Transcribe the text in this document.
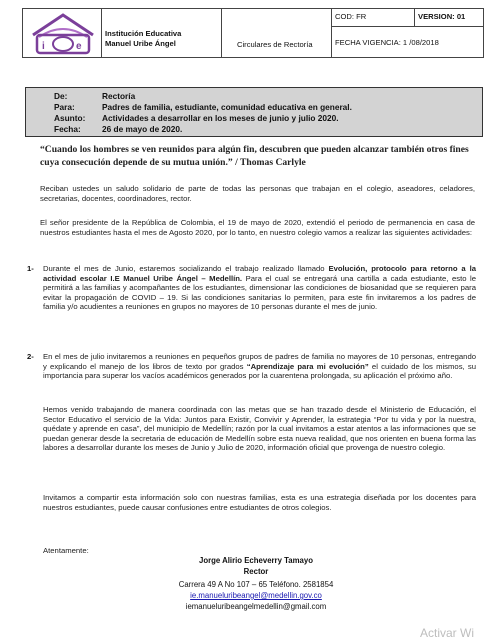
i	e
Institución Educativa
Manuel Uribe Ángel	Circulares de Rectoría
COD: FR	VERSION: 01
FECHA VIGENCIA: 1 /08/2018
De:	Rectoría
Para:	Padres de familia, estudiante, comunidad educativa en general.
Asunto: Actividades a desarrollar en los meses de junio y julio 2020.
Fecha:	26 de mayo de 2020.
“Cuando los hombres se ven reunidos para algún fin, descubren que pueden alcanzar también otros fines cuya consecución depende de su mutua unión.” / Thomas Carlyle
Reciban ustedes un saludo solidario de parte de todas las personas que trabajan en el colegio, aseadores, celadores, secretarias, docentes, coordinadores, rector.
El señor presidente de la República de Colombia, el 19 de mayo de 2020, extendió el periodo de permanencia en casa de nuestros estudiantes hasta el mes de Agosto 2020, por lo tanto, en nuestro colegio vamos a realizar las siguientes actividades:
1- Durante el mes de Junio, estaremos socializando el trabajo realizado llamado Evolución, protocolo para retorno a la actividad escolar I.E Manuel Uribe Ángel – Medellín. Para el cual se entregará una cartilla a cada estudiante, esto le permitirá a las familias y acompañantes de los estudiantes, dimensionar las condiciones de biosanidad que se requieren para evitar la propagación de COVID – 19. Si las condiciones sanitarias lo permiten, para este fin invitaremos a los padres de familia y/o acudientes a reuniones en grupos no mayores de 10 personas durante el mes de junio.
2- En el mes de julio invitaremos a reuniones en pequeños grupos de padres de familia no mayores de 10 personas, entregando y explicando el manejo de los libros de texto por grados “Aprendizaje para mi evolución” el cuidado de los mismos, su importancia para superar los vacíos académicos generados por la cuarentena prolongada, su aplicación el próximo año.
Hemos venido trabajando de manera coordinada con las metas que se han trazado desde el Ministerio de Educación, el Sector Educativo el servicio de la Vida: Juntos para Existir, Convivir y Aprender, la estrategia “Por tu vida y por la nuestra, quédate y aprende en casa”, del municipio de Medellín; razón por la cual invitamos a estar atentos a las informaciones que se puedan generar desde la secretaria de educación de Medellín sobre esta nueva realidad, que nos orienten en buena forma las labores a desarrollar durante los meses de Junio y Julio de 2020, información oficial que provenga de nuestro colegio.
Invitamos a compartir esta información solo con nuestras familias, esta es una estrategia diseñada por los docentes para nuestros estudiantes, puede causar confusiones entre estudiantes de otros colegios.
Atentamente:
Jorge Alirio Echeverry Tamayo
Rector
Carrera 49 A No 107 – 65 Teléfono. 2581854
ie.manueluribeangel@medellin.gov.co
iemanueluribeangelmedellin@gmail.com
Activar Wi
